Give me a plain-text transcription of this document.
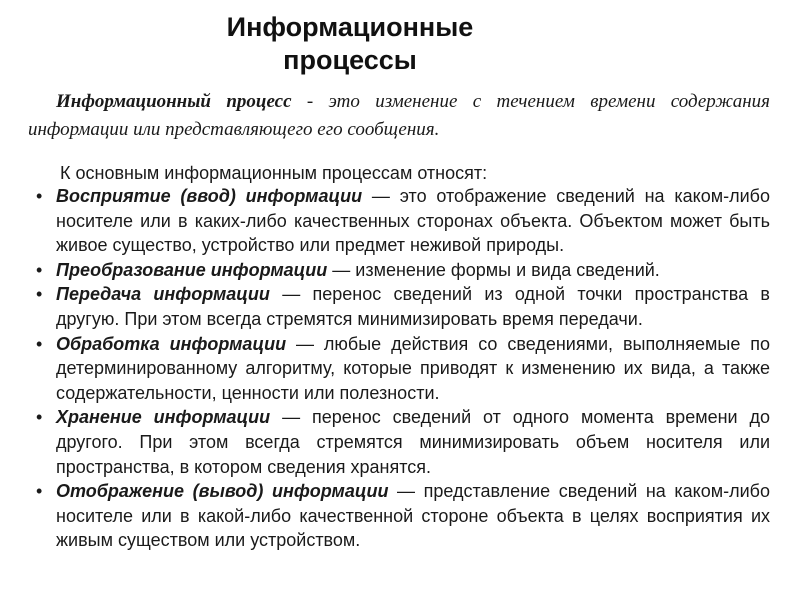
Информационные
процессы

Информационный процесс - это изменение с течением времени содержания информации или представляющего его сообщения.

К основным информационным процессам относят:

• Восприятие (ввод) информации — это отображение сведений на каком-либо носителе или в каких-либо качественных сторонах объекта. Объектом может быть живое существо, устройство или предмет неживой природы.
• Преобразование информации — изменение формы и вида сведений.
• Передача информации — перенос сведений из одной точки пространства в другую. При этом всегда стремятся минимизировать время передачи.
• Обработка информации — любые действия со сведениями, выполняемые по детерминированному алгоритму, которые приводят к изменению их вида, а также содержательности, ценности или полезности.
• Хранение информации — перенос сведений от одного момента времени до другого. При этом всегда стремятся минимизировать объем носителя или пространства, в котором сведения хранятся.
• Отображение (вывод) информации — представление сведений на каком-либо носителе или в какой-либо качественной стороне объекта в целях восприятия их живым существом или устройством.
